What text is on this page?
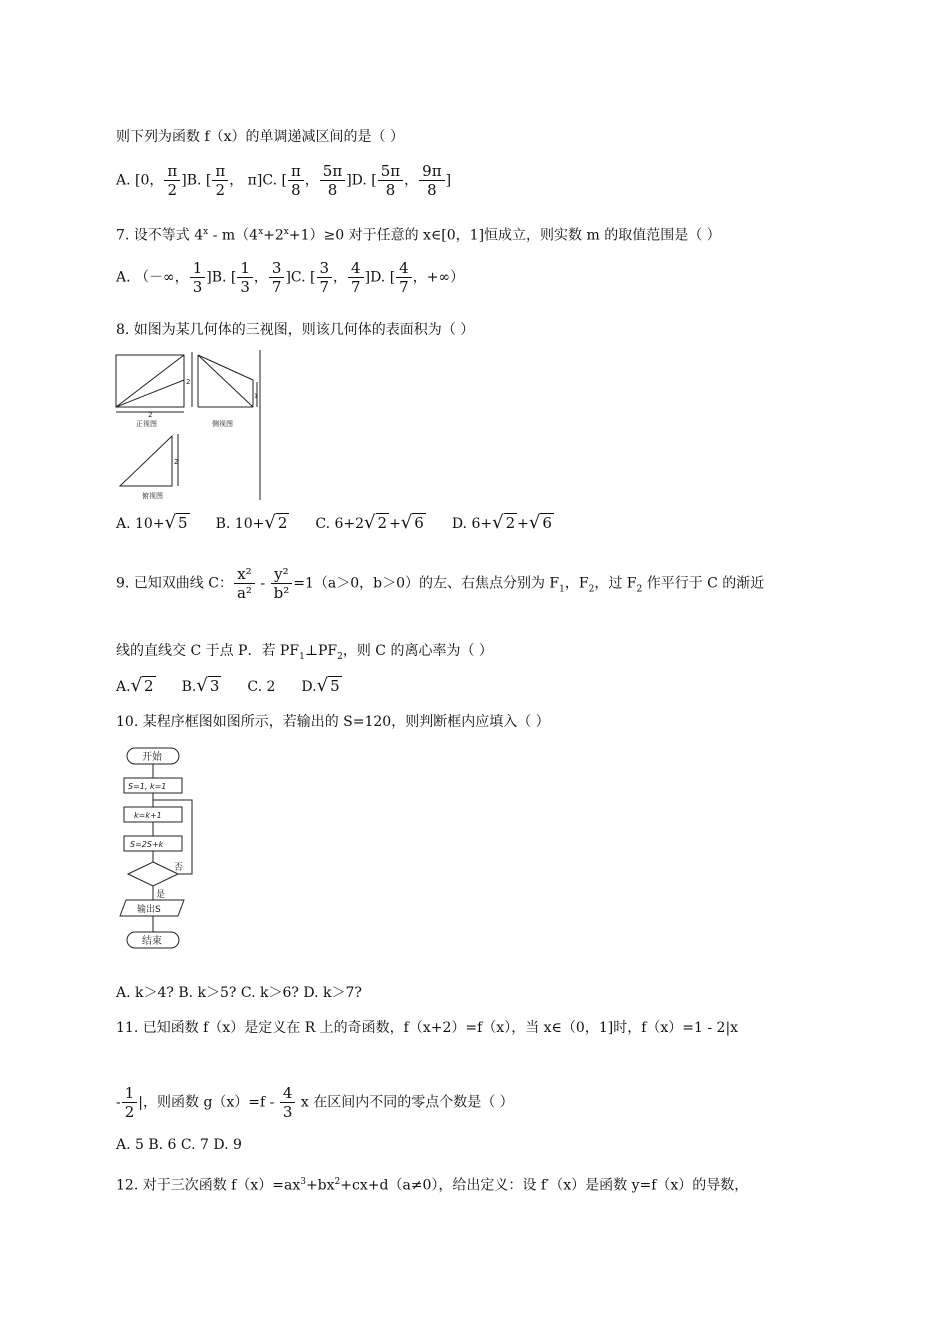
则下列为函数 f（x）的单调递减区间的是（ ）
A. [0， $\frac{\pi}{2} ]B$. [ $\frac{\pi}{2}$ ， π]C. [ $\frac{\pi}{8}$ ， $\frac{5\pi}{8} ]D$. [ $\frac{5\pi}{8}$ ， $\frac{9\pi}{8}$ ]
7. 设不等式 $4^x - m(4^x+2^x+1)\ge 0$ 对于任意的 x∈[0，1]恒成立，则实数 m 的取值范围是（ ）
A. （－∞， $\frac{1}{3} ]B$. [ $\frac{1}{3}$ ， $\frac{3}{7} ]C$. [ $\frac{3}{7}$ ， $\frac{4}{7} ]D$. [ $\frac{4}{7}$ ，+∞）
8. 如图为某几何体的三视图，则该几何体的表面积为（ ）
2
正视图
2
1
侧视图
2
俯视图
A. 10+√ 5 B. 10+√ 2 C. 6+2√ 2 +√ 6 D. 6+√ 2 +√ 6
9. 已知双曲线 C： $\frac{\text{x²}}{\text{a²}} - \frac{\text{y²}}{\text{b²}} =1(a>0$，b＞0）的左、右焦点分别为 $F_1$，$F_2$，过 $F_2$ 作平行于 C 的渐近
线的直线交 C 于点 P．若 $PF_1\perp PF_2$，则 C 的离心率为（ ）
A.√ 2 B.√ 3 C. 2 D.√ 5
10. 某程序框图如图所示，若输出的 S=120，则判断框内应填入（ ）
开始
S=1, k=1
k=k+1
S=2S+k
否
是
输出S
结束
A. k＞4? B. k＞5? C. k＞6? D. k＞7?
11. 已知函数 f（x）是定义在 R 上的奇函数，f（x+2）=f（x），当 x∈（0，1]时，f（x）=1 - 2|x
- $\frac{1}{2}$ |，则函数 $g(x)=f - \frac{4}{3}$ x 在区间内不同的零点个数是（ ）
A. 5 B. 6 C. 7 D. 9
12. 对于三次函数 $f(x)=ax^3+bx^2+cx+d(a\ne 0)$，给出定义：设 f′（x）是函数 y=f（x）的导数，
